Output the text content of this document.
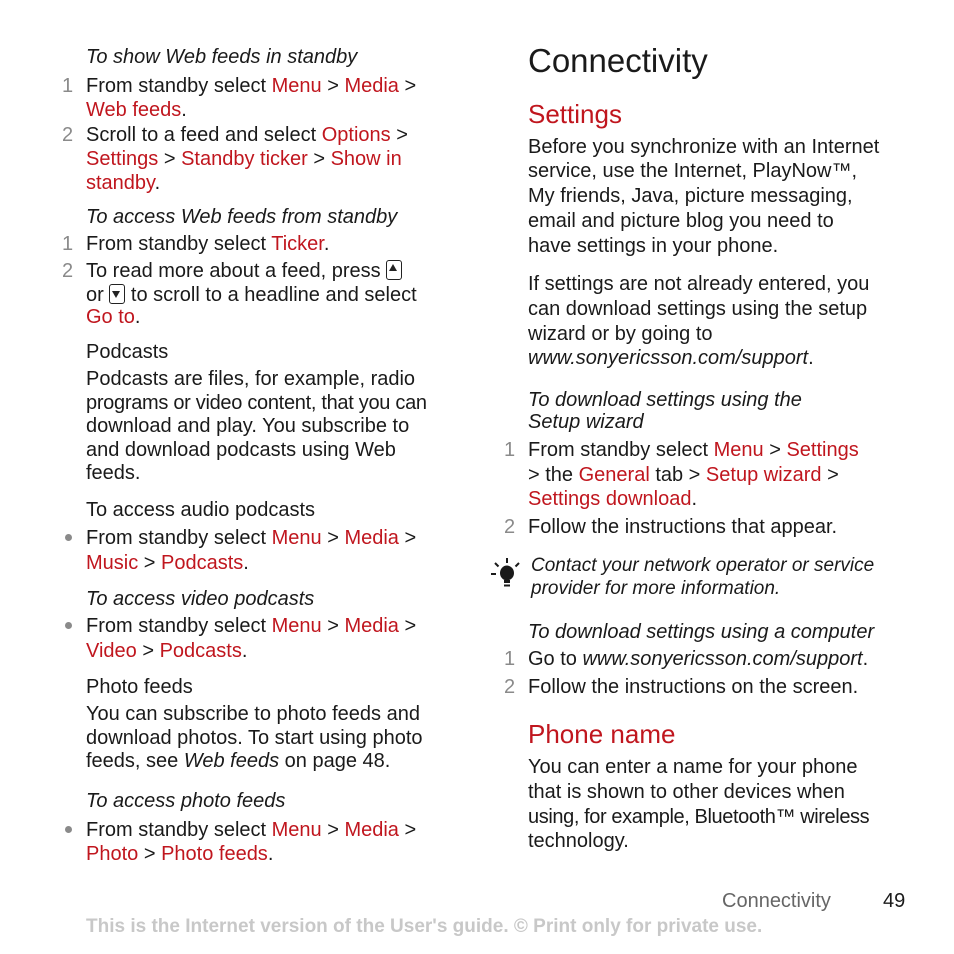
To show Web feeds in standby
1 From standby select Menu > Media >
Web feeds.
2 Scroll to a feed and select Options >
Settings > Standby ticker > Show in
standby.
To access Web feeds from standby
1 From standby select Ticker.
2 To read more about a feed, press
or
to scroll to a headline and select
Go to.
Podcasts
Podcasts are files, for example, radio
programs or video content, that you can
download and play. You subscribe to
and download podcasts using Web
feeds.
To access audio podcasts
From standby select Menu > Media >
Music > Podcasts.
To access video podcasts
From standby select Menu > Media >
Video > Podcasts.
Photo feeds
You can subscribe to photo feeds and
download photos. To start using photo
feeds, see Web feeds on page 48.
To access photo feeds
From standby select Menu > Media >
Photo > Photo feeds.
Connectivity
Settings
Before you synchronize with an Internet
service, use the Internet, PlayNow™,
My friends, Java, picture messaging,
email and picture blog you need to
have settings in your phone.
If settings are not already entered, you
can download settings using the setup
wizard or by going to
www.sonyericsson.com/support.
To download settings using the
Setup wizard
1 From standby select Menu > Settings
> the General tab > Setup wizard >
Settings download.
2 Follow the instructions that appear.
Contact your network operator or service
provider for more information.
To download settings using a computer
1 Go to www.sonyericsson.com/support.
2 Follow the instructions on the screen.
Phone name
You can enter a name for your phone
that is shown to other devices when
using, for example, Bluetooth™ wireless
technology.
Connectivity	49
This is the Internet version of the User's guide. © Print only for private use.
